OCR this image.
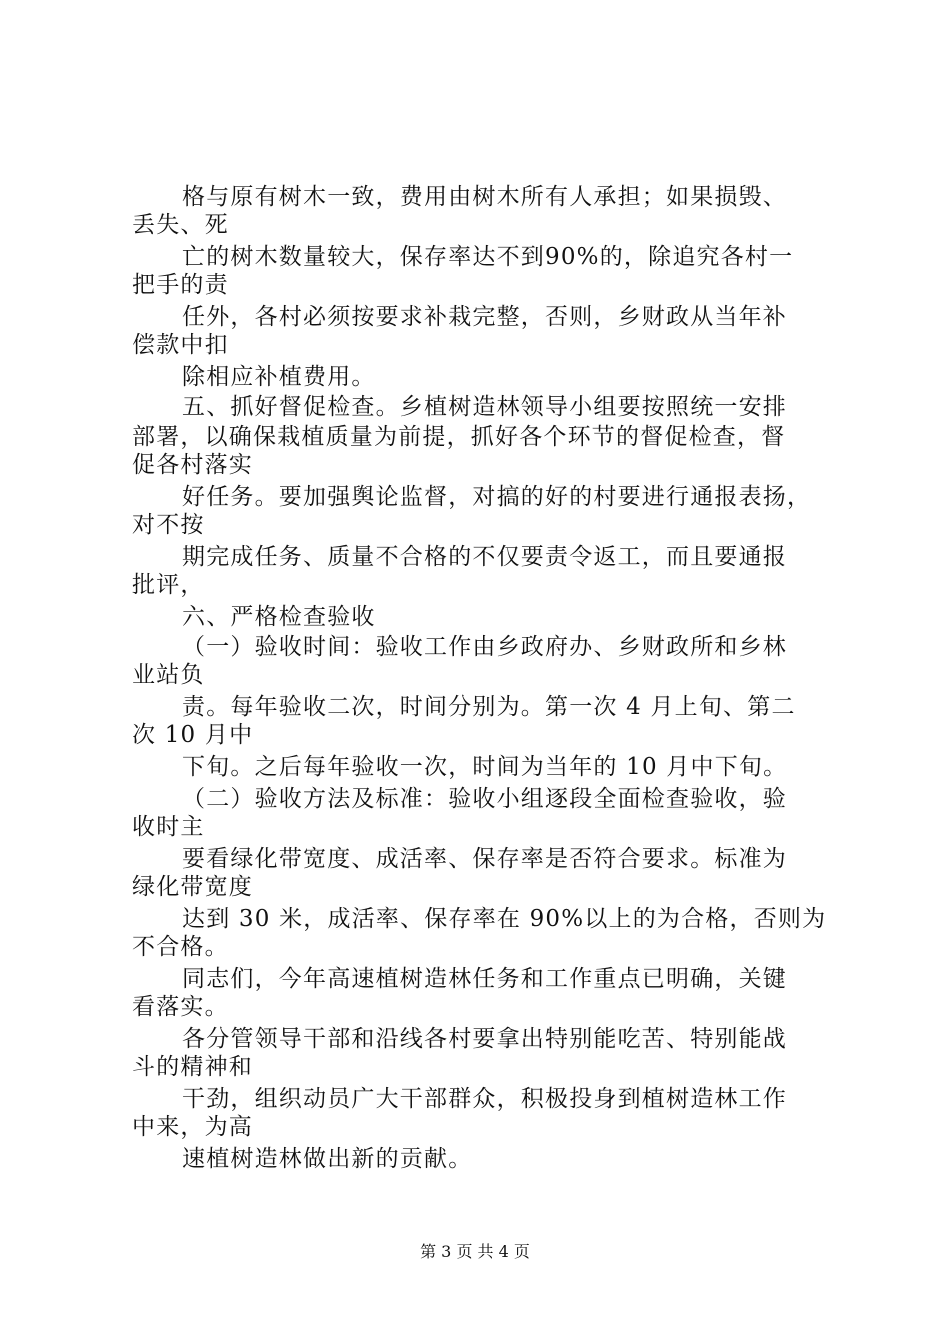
格与原有树木一致，费用由树木所有人承担；如果损毁、
丢失、死
亡的树木数量较大，保存率达不到90%的，除追究各村一
把手的责
任外，各村必须按要求补栽完整，否则，乡财政从当年补
偿款中扣
除相应补植费用。
五、抓好督促检查。乡植树造林领导小组要按照统一安排
部署，以确保栽植质量为前提，抓好各个环节的督促检查，督
促各村落实
好任务。要加强舆论监督，对搞的好的村要进行通报表扬，
对不按
期完成任务、质量不合格的不仅要责令返工，而且要通报
批评，
六、严格检查验收
（一）验收时间：验收工作由乡政府办、乡财政所和乡林
业站负
责。每年验收二次，时间分别为。第一次 4 月上旬、第二
次 10 月中
下旬。之后每年验收一次，时间为当年的 10 月中下旬。
（二）验收方法及标准：验收小组逐段全面检查验收，验
收时主
要看绿化带宽度、成活率、保存率是否符合要求。标准为
绿化带宽度
达到 30 米，成活率、保存率在 90%以上的为合格，否则为
不合格。
同志们，今年高速植树造林任务和工作重点已明确，关键
看落实。
各分管领导干部和沿线各村要拿出特别能吃苦、特别能战
斗的精神和
干劲，组织动员广大干部群众，积极投身到植树造林工作
中来，为高
速植树造林做出新的贡献。
第 3 页 共 4 页
